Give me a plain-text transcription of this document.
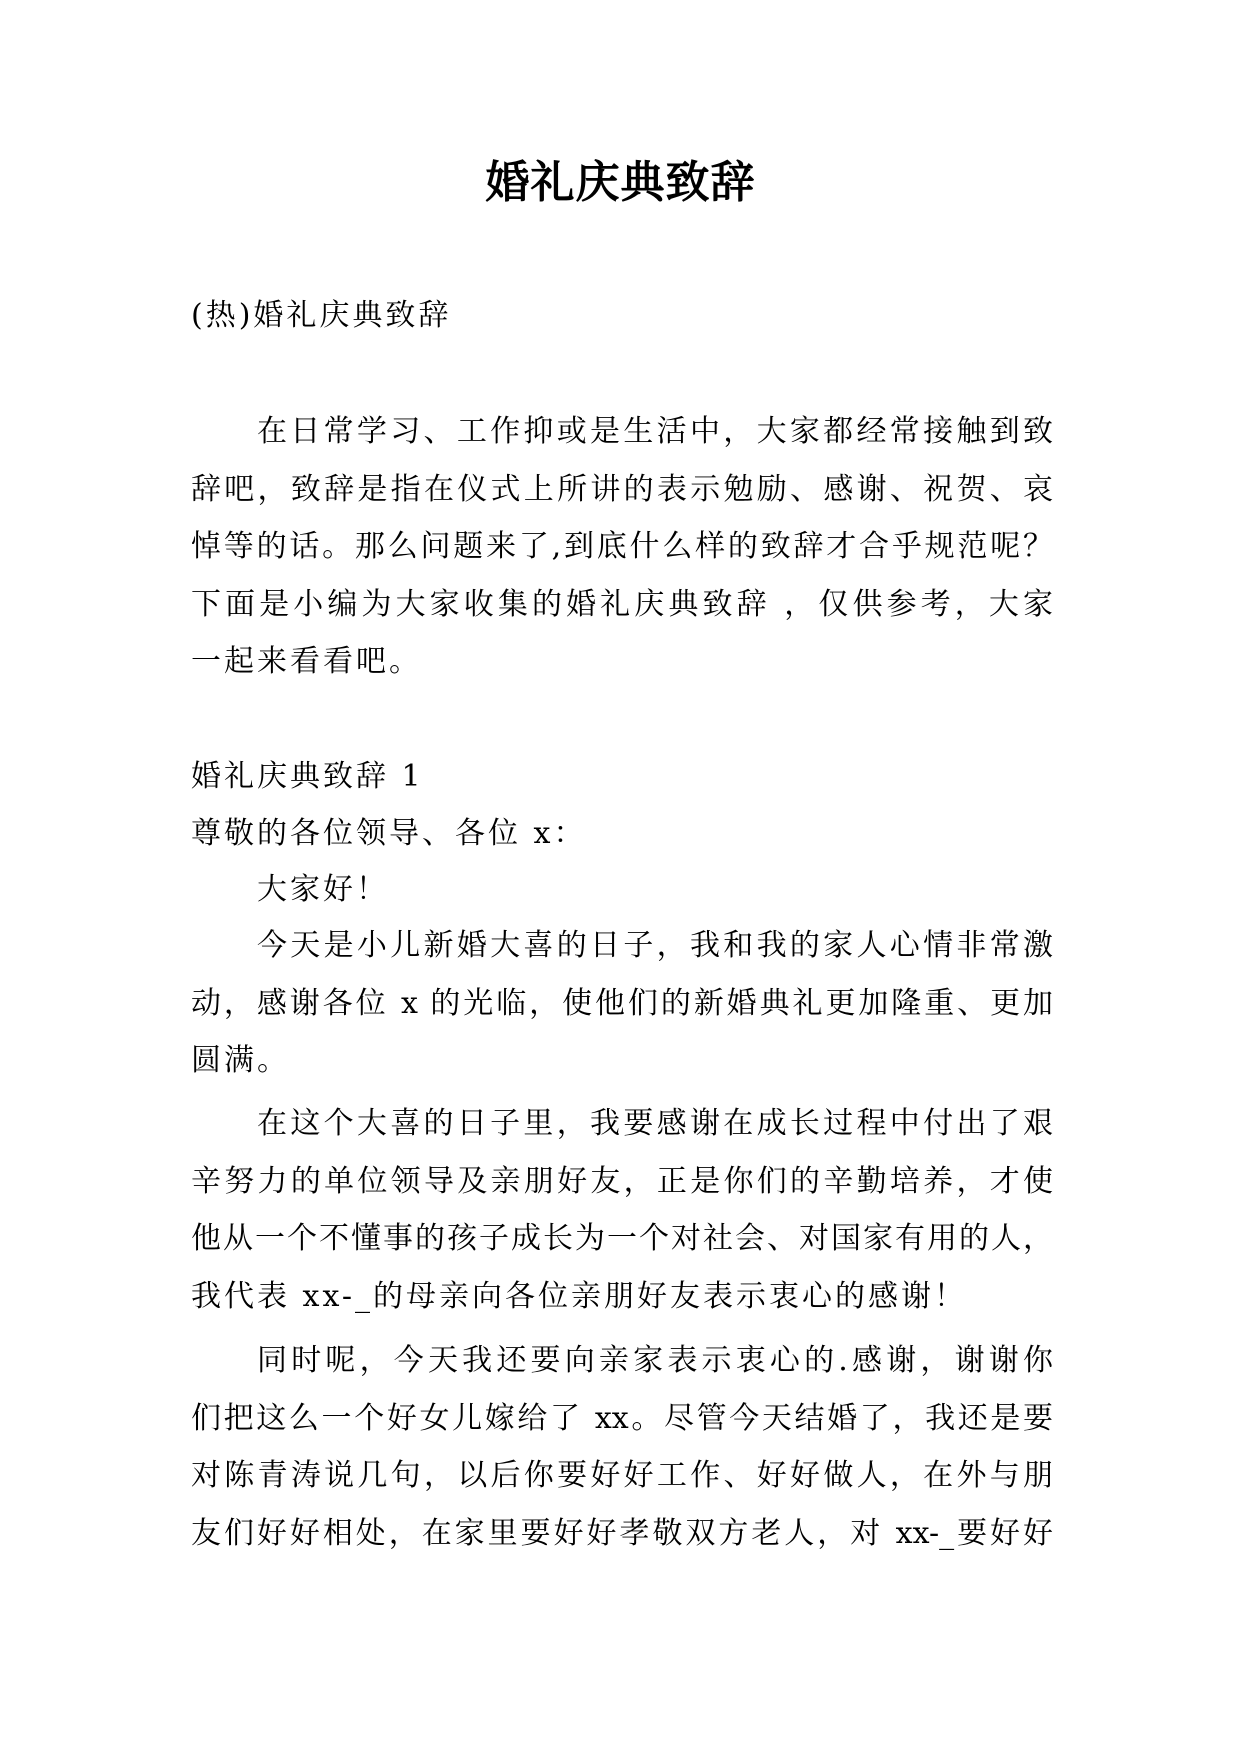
婚礼庆典致辞
(热)婚礼庆典致辞
在日常学习、工作抑或是生活中，大家都经常接触到致
辞吧，致辞是指在仪式上所讲的表示勉励、感谢、祝贺、哀
悼等的话。那么问题来了,到底什么样的致辞才合乎规范呢？
下面是小编为大家收集的婚礼庆典致辞 ，仅供参考，大家
一起来看看吧。
婚礼庆典致辞 1
尊敬的各位领导、各位 x：
大家好！
今天是小儿新婚大喜的日子，我和我的家人心情非常激
动，感谢各位 x 的光临，使他们的新婚典礼更加隆重、更加
圆满。
在这个大喜的日子里，我要感谢在成长过程中付出了艰
辛努力的单位领导及亲朋好友，正是你们的辛勤培养，才使
他从一个不懂事的孩子成长为一个对社会、对国家有用的人，
我代表 xx-_的母亲向各位亲朋好友表示衷心的感谢！
同时呢，今天我还要向亲家表示衷心的.感谢，谢谢你
们把这么一个好女儿嫁给了 xx。尽管今天结婚了，我还是要
对陈青涛说几句，以后你要好好工作、好好做人，在外与朋
友们好好相处，在家里要好好孝敬双方老人，对 xx-_要好好
